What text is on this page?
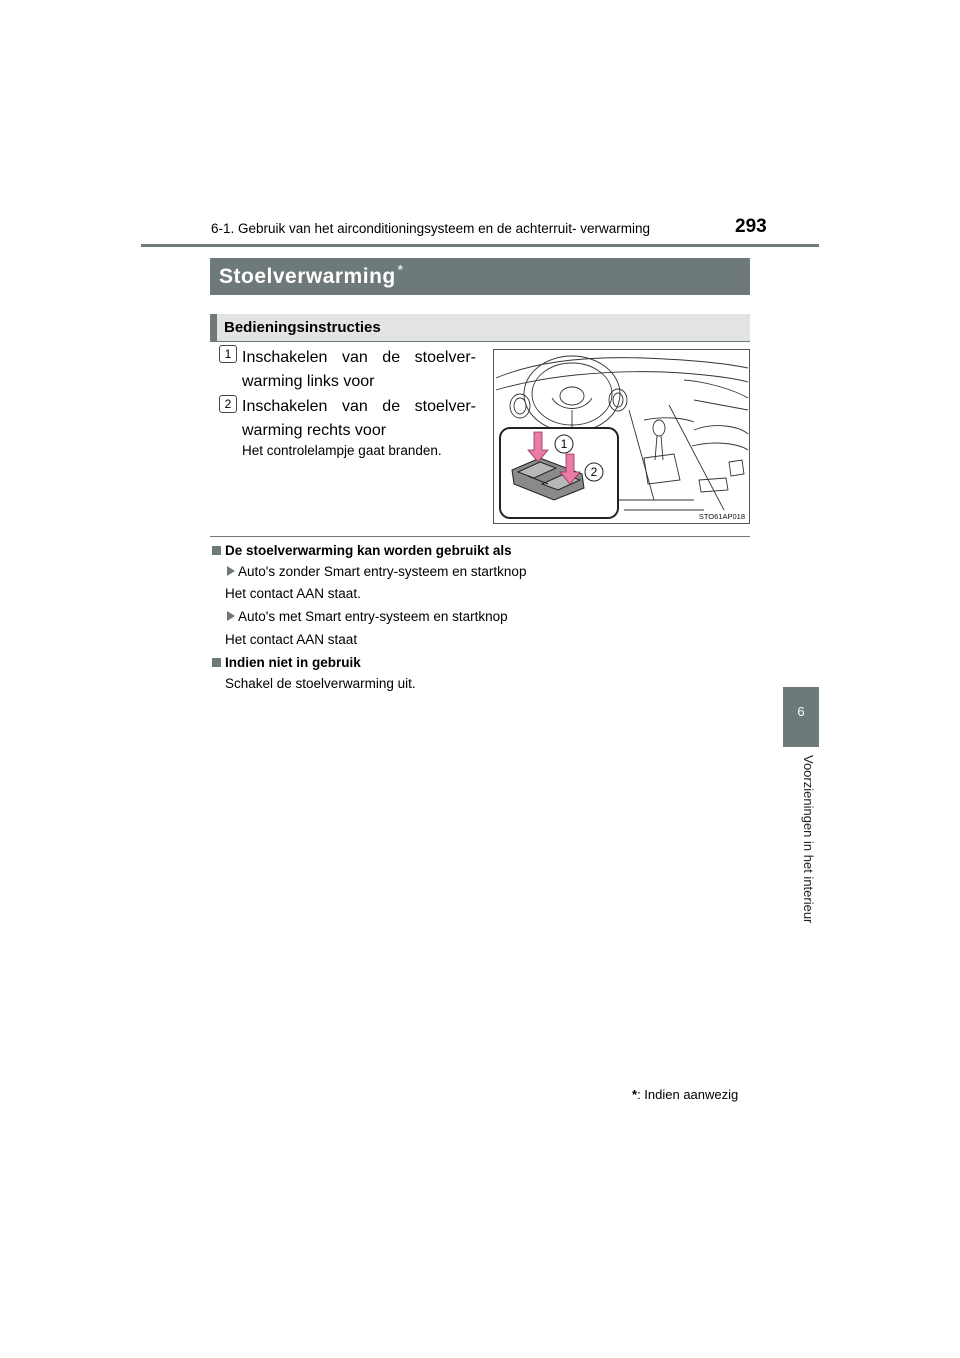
6-1. Gebruik van het airconditioningsysteem en de achterruit- verwarming	293
6
Voorzieningen in het interieur
Stoelverwarming*
Bedieningsinstructies
1 Inschakelen van de stoelver-warming links voor
2 Inschakelen van de stoelver-warming rechts voor
Het controlelampje gaat branden.	1
2
STO61AP018
De stoelverwarming kan worden gebruikt als
Auto's zonder Smart entry-systeem en startknop
Het contact AAN staat.
Auto's met Smart entry-systeem en startknop
Het contact AAN staat
Indien niet in gebruik
Schakel de stoelverwarming uit.
*: Indien aanwezig
